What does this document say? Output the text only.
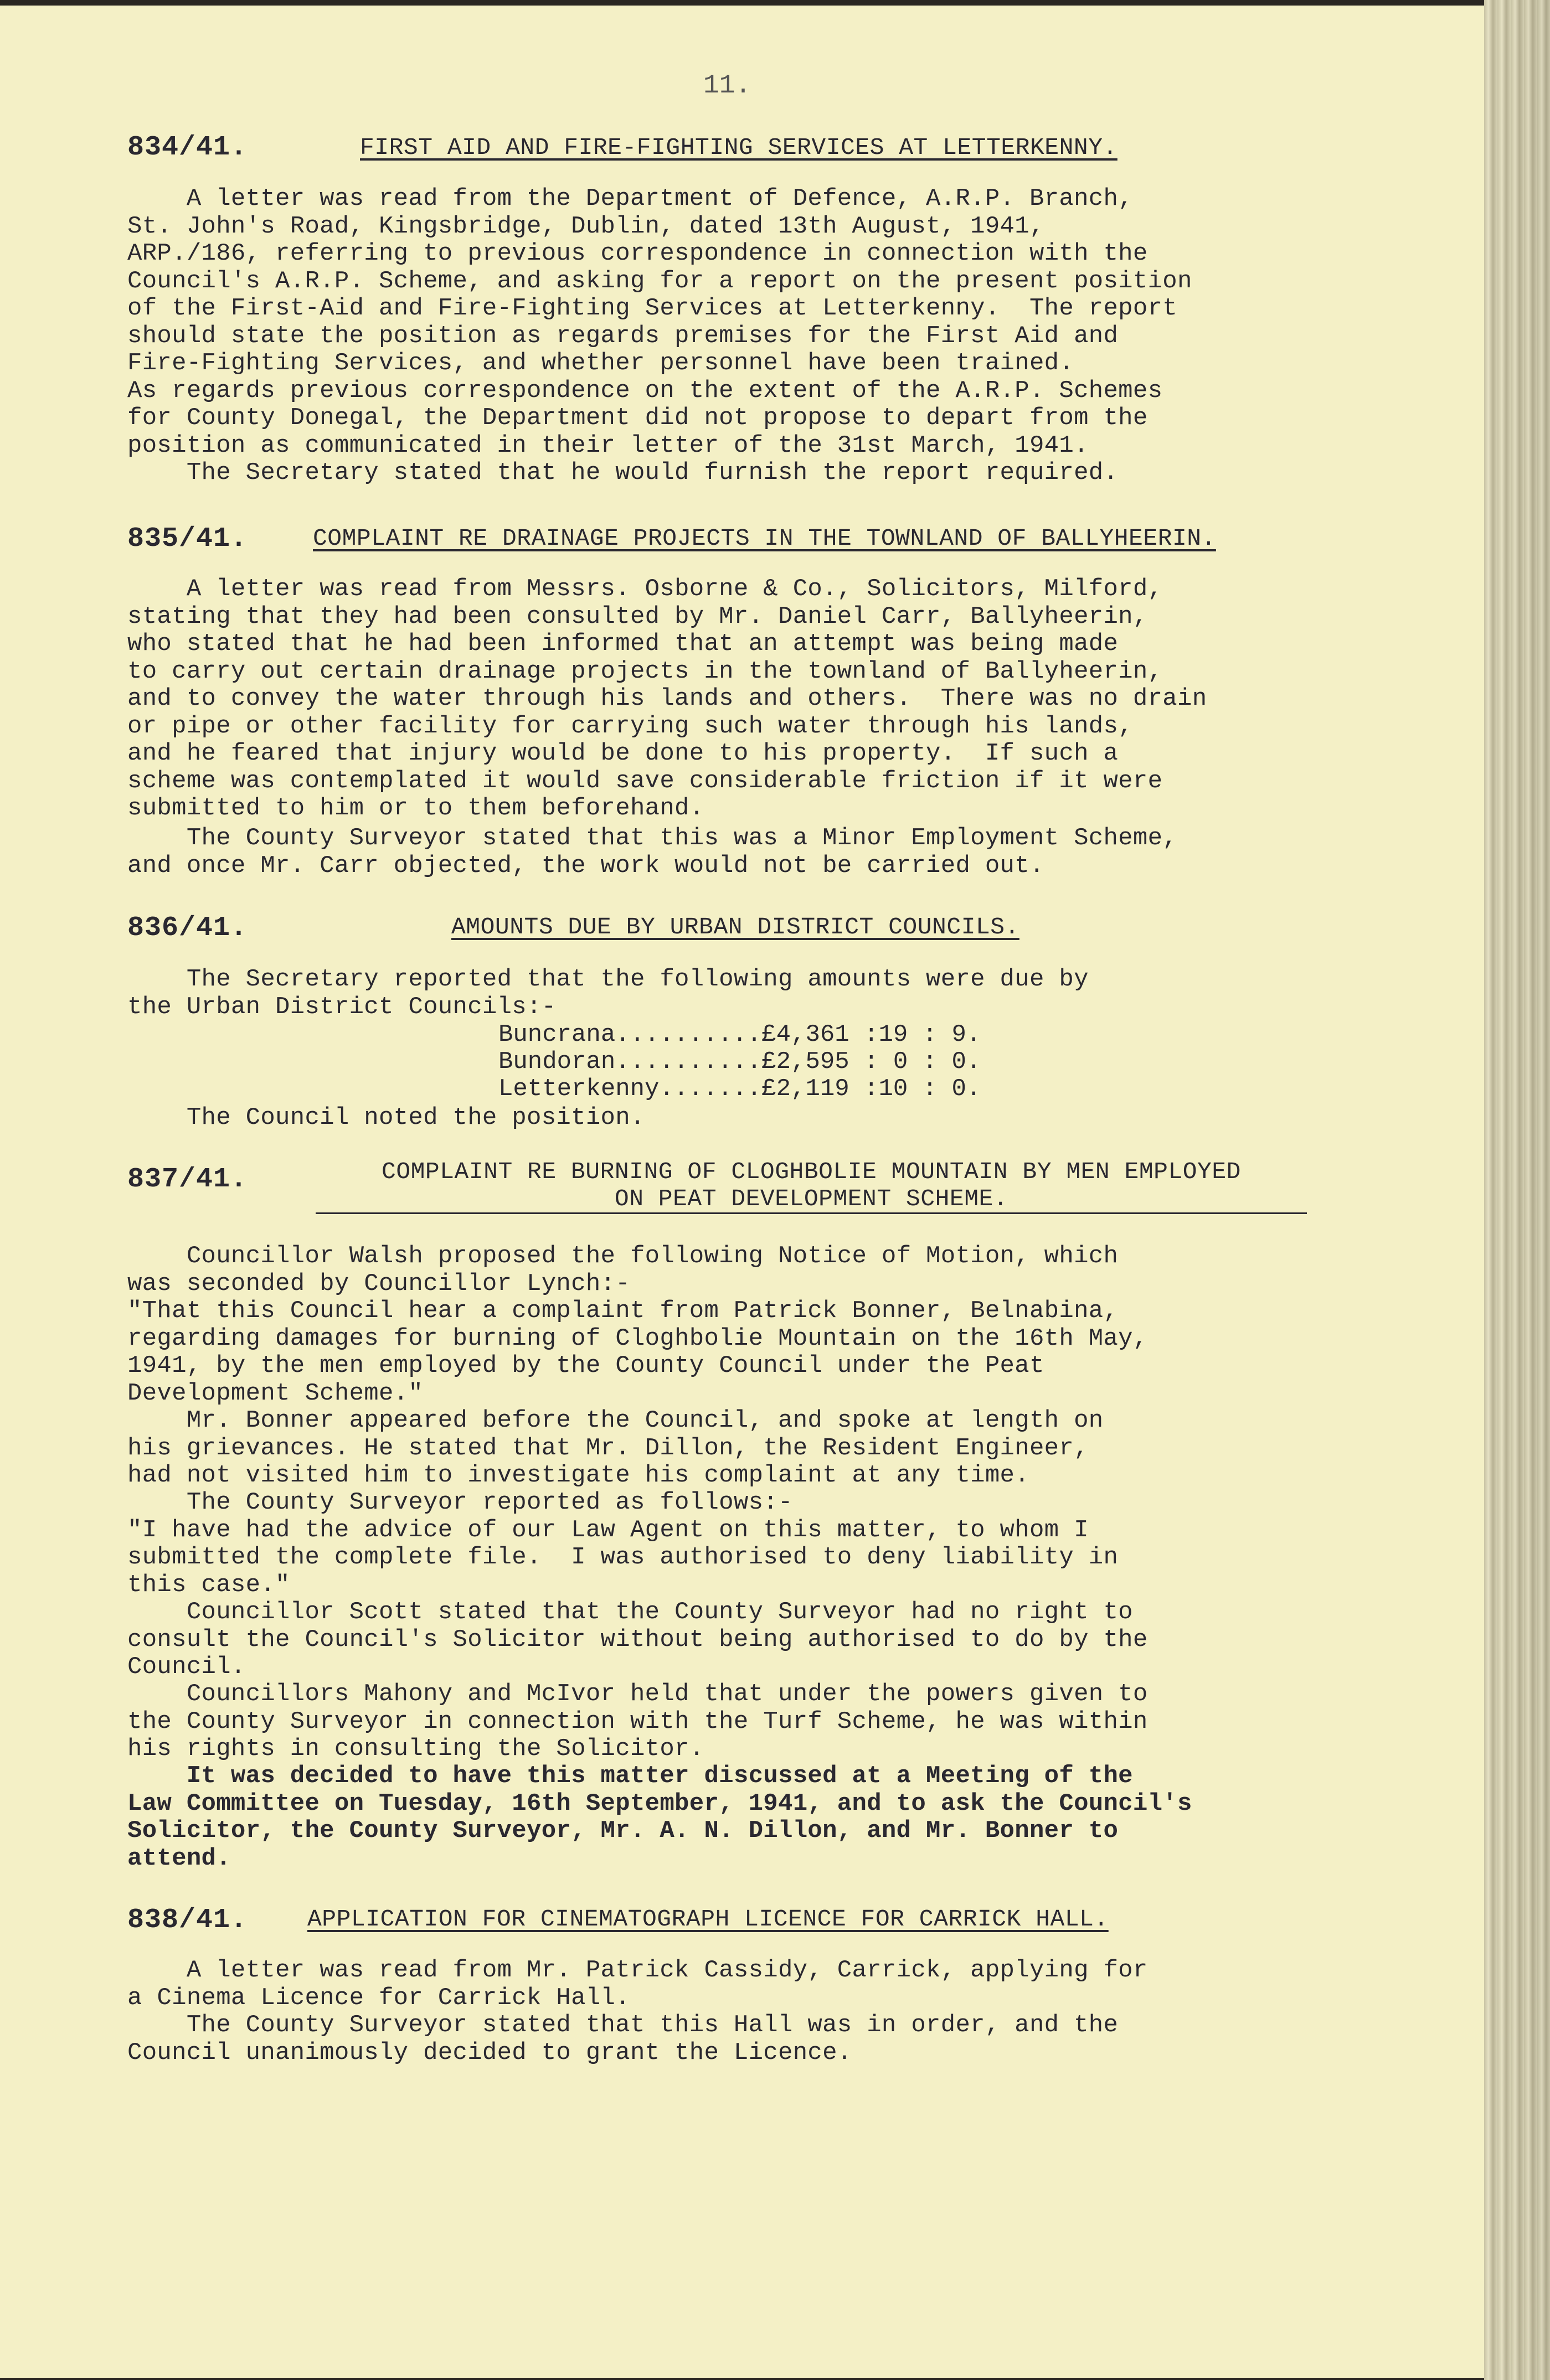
11.
834/41.	FIRST AID AND FIRE-FIGHTING SERVICES AT LETTERKENNY.
A letter was read from the Department of Defence, A.R.P. Branch,
St. John's Road, Kingsbridge, Dublin, dated 13th August, 1941,
ARP./186, referring to previous correspondence in connection with the
Council's A.R.P. Scheme, and asking for a report on the present position
of the First-Aid and Fire-Fighting Services at Letterkenny.  The report
should state the position as regards premises for the First Aid and
Fire-Fighting Services, and whether personnel have been trained.
As regards previous correspondence on the extent of the A.R.P. Schemes
for County Donegal, the Department did not propose to depart from the
position as communicated in their letter of the 31st March, 1941.
The Secretary stated that he would furnish the report required.
835/41.	COMPLAINT RE DRAINAGE PROJECTS IN THE TOWNLAND OF BALLYHEERIN.
A letter was read from Messrs. Osborne & Co., Solicitors, Milford,
stating that they had been consulted by Mr. Daniel Carr, Ballyheerin,
who stated that he had been informed that an attempt was being made
to carry out certain drainage projects in the townland of Ballyheerin,
and to convey the water through his lands and others.  There was no drain
or pipe or other facility for carrying such water through his lands,
and he feared that injury would be done to his property.  If such a
scheme was contemplated it would save considerable friction if it were
submitted to him or to them beforehand.
The County Surveyor stated that this was a Minor Employment Scheme,
and once Mr. Carr objected, the work would not be carried out.
836/41.	AMOUNTS DUE BY URBAN DISTRICT COUNCILS.
The Secretary reported that the following amounts were due by
the Urban District Councils:-
Buncrana..........£4,361 :19 : 9.
Bundoran..........£2,595 : 0 : 0.
Letterkenny.......£2,119 :10 : 0.
The Council noted the position.
837/41.	COMPLAINT RE BURNING OF CLOGHBOLIE MOUNTAIN BY MEN EMPLOYED
ON PEAT DEVELOPMENT SCHEME.
Councillor Walsh proposed the following Notice of Motion, which
was seconded by Councillor Lynch:-
"That this Council hear a complaint from Patrick Bonner, Belnabina,
regarding damages for burning of Cloghbolie Mountain on the 16th May,
1941, by the men employed by the County Council under the Peat
Development Scheme."
Mr. Bonner appeared before the Council, and spoke at length on
his grievances. He stated that Mr. Dillon, the Resident Engineer,
had not visited him to investigate his complaint at any time.
The County Surveyor reported as follows:-
"I have had the advice of our Law Agent on this matter, to whom I
submitted the complete file.  I was authorised to deny liability in
this case."
Councillor Scott stated that the County Surveyor had no right to
consult the Council's Solicitor without being authorised to do by the
Council.
Councillors Mahony and McIvor held that under the powers given to
the County Surveyor in connection with the Turf Scheme, he was within
his rights in consulting the Solicitor.
It was decided to have this matter discussed at a Meeting of the
Law Committee on Tuesday, 16th September, 1941, and to ask the Council's
Solicitor, the County Surveyor, Mr. A. N. Dillon, and Mr. Bonner to
attend.
838/41.	APPLICATION FOR CINEMATOGRAPH LICENCE FOR CARRICK HALL.
A letter was read from Mr. Patrick Cassidy, Carrick, applying for
a Cinema Licence for Carrick Hall.
The County Surveyor stated that this Hall was in order, and the
Council unanimously decided to grant the Licence.
